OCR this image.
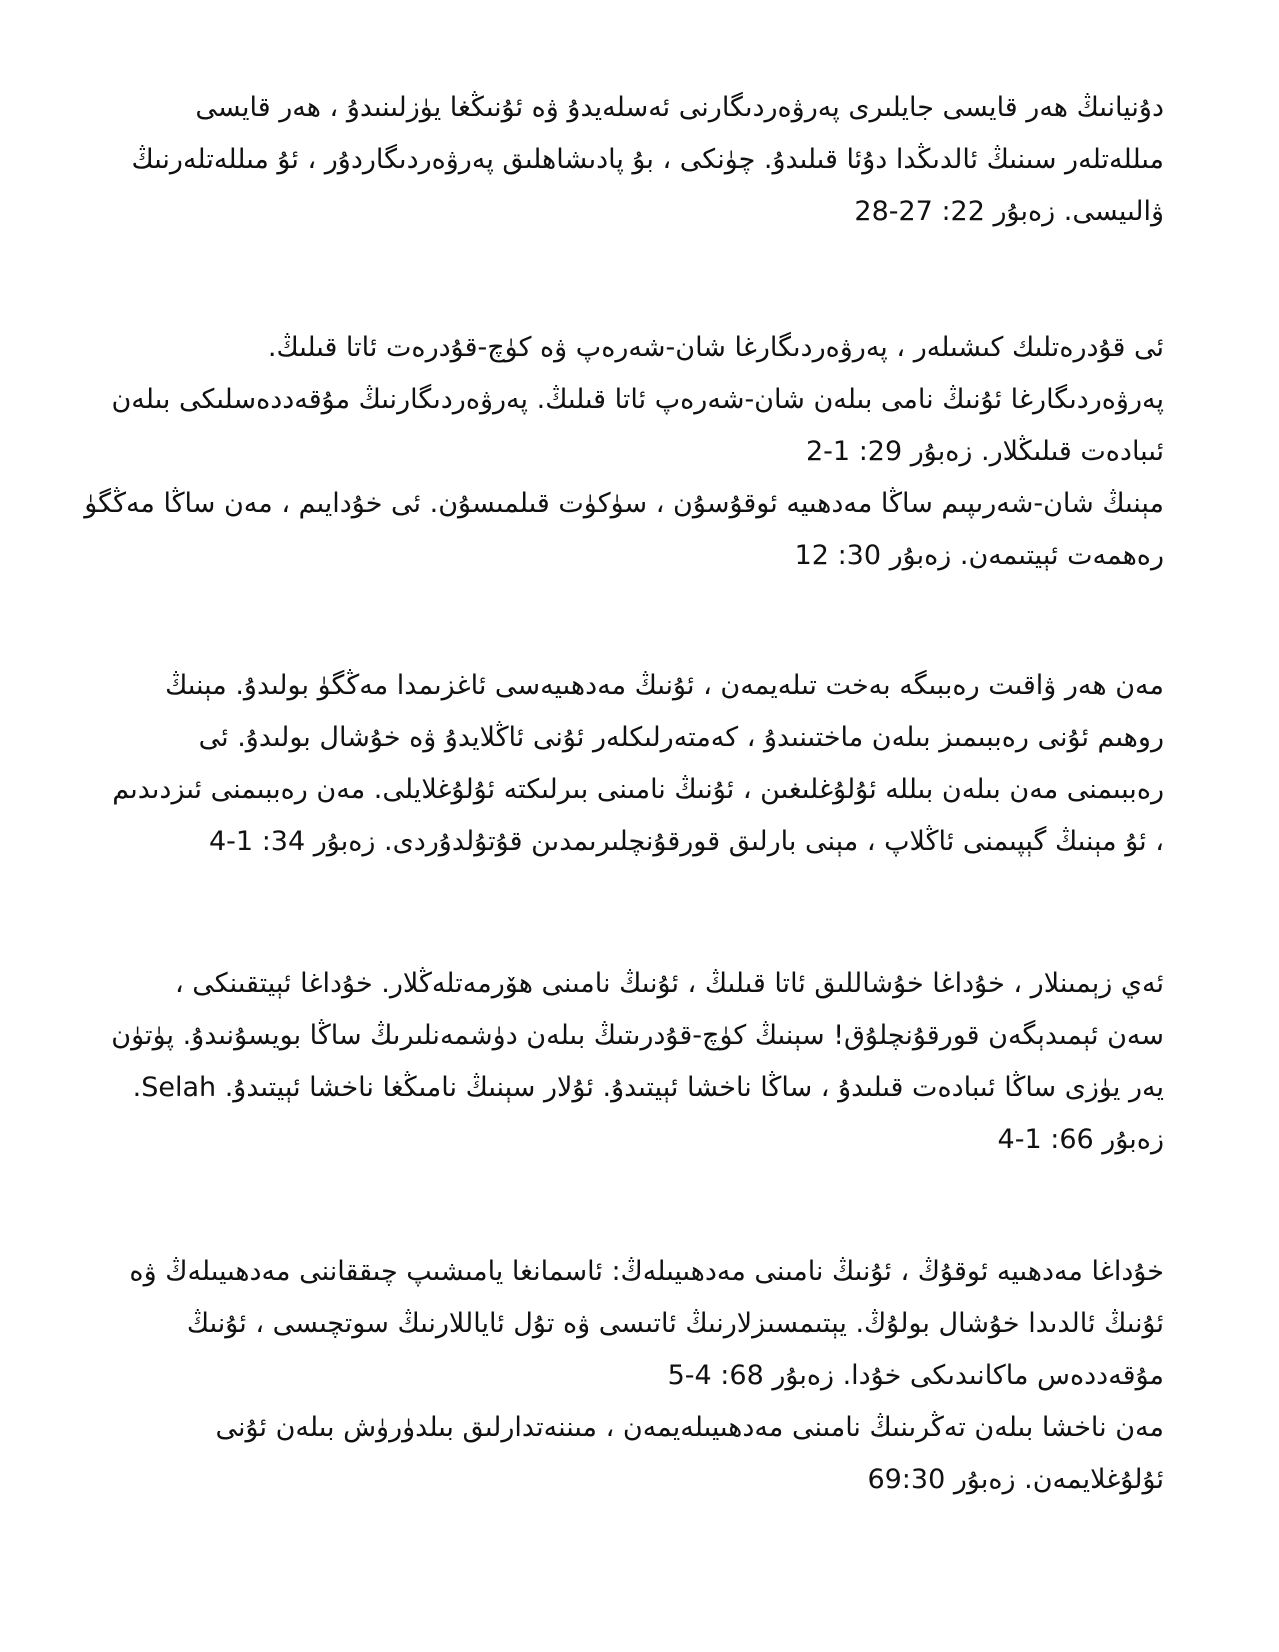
دۇنيانىڭ ھەر قايسى جايلىرى پەرۋەردىگارنى ئەسلەيدۇ ۋە ئۇنىڭغا يۈزلىنىدۇ ، ھەر قايسى
مىللەتلەر سىنىڭ ئالدىڭدا دۇئا قىلىدۇ. چۈنكى ، بۇ پادىشاھلىق پەرۋەردىگاردۇر ، ئۇ مىللەتلەرنىڭ
ۋالىيسى. زەبۇر 22: 27-28
ئى قۇدرەتلىك كىشىلەر ، پەرۋەردىگارغا شان-شەرەپ ۋە كۈچ-قۇدرەت ئاتا قىلىڭ.
پەرۋەردىگارغا ئۇنىڭ نامى بىلەن شان-شەرەپ ئاتا قىلىڭ. پەرۋەردىگارنىڭ مۇقەددەسلىكى بىلەن
ئىبادەت قىلىڭلار. زەبۇر 29: 1-2
مېنىڭ شان-شەرىپىم ساڭا مەدھىيە ئوقۇسۇن ، سۈكۈت قىلمىسۇن. ئى خۇدايىم ، مەن ساڭا مەڭگۈ
رەھمەت ئېيتىمەن. زەبۇر 30: 12
مەن ھەر ۋاقىت رەببىگە بەخت تىلەيمەن ، ئۇنىڭ مەدھىيەسى ئاغزىمدا مەڭگۈ بولىدۇ. مېنىڭ
روھىم ئۇنى رەببىمىز بىلەن ماختىنىدۇ ، كەمتەرلىكلەر ئۇنى ئاڭلايدۇ ۋە خۇشال بولىدۇ. ئى
رەببىمنى مەن بىلەن بىللە ئۇلۇغلىغىن ، ئۇنىڭ نامىنى بىرلىكتە ئۇلۇغلايلى. مەن رەببىمنى ئىزدىدىم
، ئۇ مېنىڭ گېپىمنى ئاڭلاپ ، مېنى بارلىق قورقۇنچلىرىمدىن قۇتۇلدۇردى. زەبۇر 34: 1-4
ئەي زېمىنلار ، خۇداغا خۇشاللىق ئاتا قىلىڭ ، ئۇنىڭ نامىنى ھۆرمەتلەڭلار. خۇداغا ئېيتقىنكى ،
سەن ئېمىدېگەن قورقۇنچلۇق! سېنىڭ كۈچ-قۇدرىتىڭ بىلەن دۈشمەنلىرىڭ ساڭا بويسۇنىدۇ. پۈتۈن
يەر يۈزى ساڭا ئىبادەت قىلىدۇ ، ساڭا ناخشا ئېيتىدۇ. ئۇلار سېنىڭ نامىڭغا ناخشا ئېيتىدۇ. Selah.
زەبۇر 66: 1-4
خۇداغا مەدھىيە ئوقۇڭ ، ئۇنىڭ نامىنى مەدھىيىلەڭ: ئاسمانغا يامىشىپ چىققاننى مەدھىيىلەڭ ۋە
ئۇنىڭ ئالدىدا خۇشال بولۇڭ. يېتىمسىزلارنىڭ ئاتىسى ۋە تۇل ئاياللارنىڭ سوتچىسى ، ئۇنىڭ
مۇقەددەس ماكانىدىكى خۇدا. زەبۇر 68: 4-5
مەن ناخشا بىلەن تەڭرىنىڭ نامىنى مەدھىيىلەيمەن ، مىننەتدارلىق بىلدۈرۈش بىلەن ئۇنى
ئۇلۇغلايمەن. زەبۇر 69:30
